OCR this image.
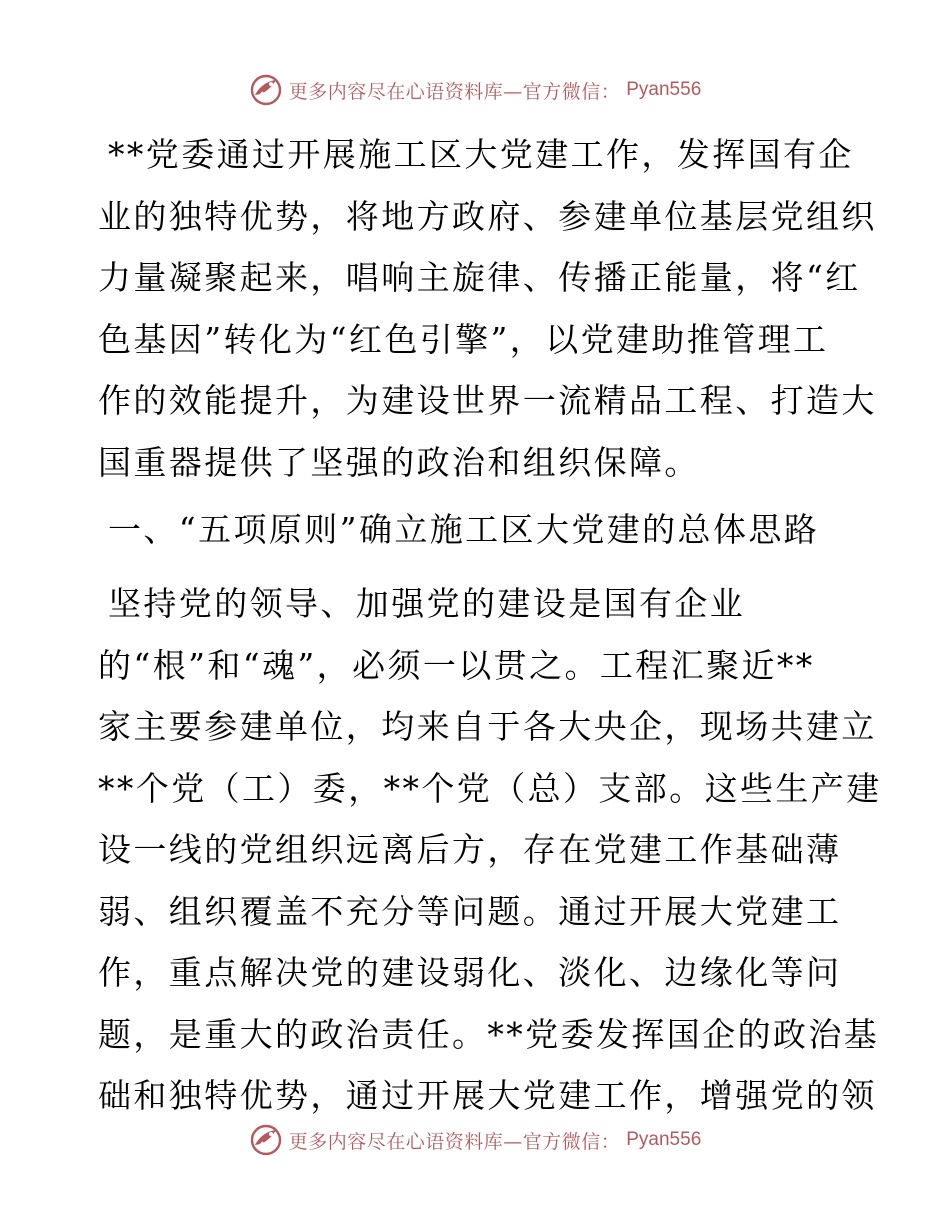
更多内容尽在心语资料库—官方微信： Pyan556
**党委通过开展施工区大党建工作，发挥国有企
业的独特优势，将地方政府、参建单位基层党组织
力量凝聚起来，唱响主旋律、传播正能量，将“红
色基因”转化为“红色引擎”，以党建助推管理工
作的效能提升，为建设世界一流精品工程、打造大
国重器提供了坚强的政治和组织保障。
一、“五项原则”确立施工区大党建的总体思路
坚持党的领导、加强党的建设是国有企业
的“根”和“魂”，必须一以贯之。工程汇聚近**
家主要参建单位，均来自于各大央企，现场共建立
**个党（工）委，**个党（总）支部。这些生产建
设一线的党组织远离后方，存在党建工作基础薄
弱、组织覆盖不充分等问题。通过开展大党建工
作，重点解决党的建设弱化、淡化、边缘化等问
题，是重大的政治责任。**党委发挥国企的政治基
础和独特优势，通过开展大党建工作，增强党的领
更多内容尽在心语资料库—官方微信： Pyan556
